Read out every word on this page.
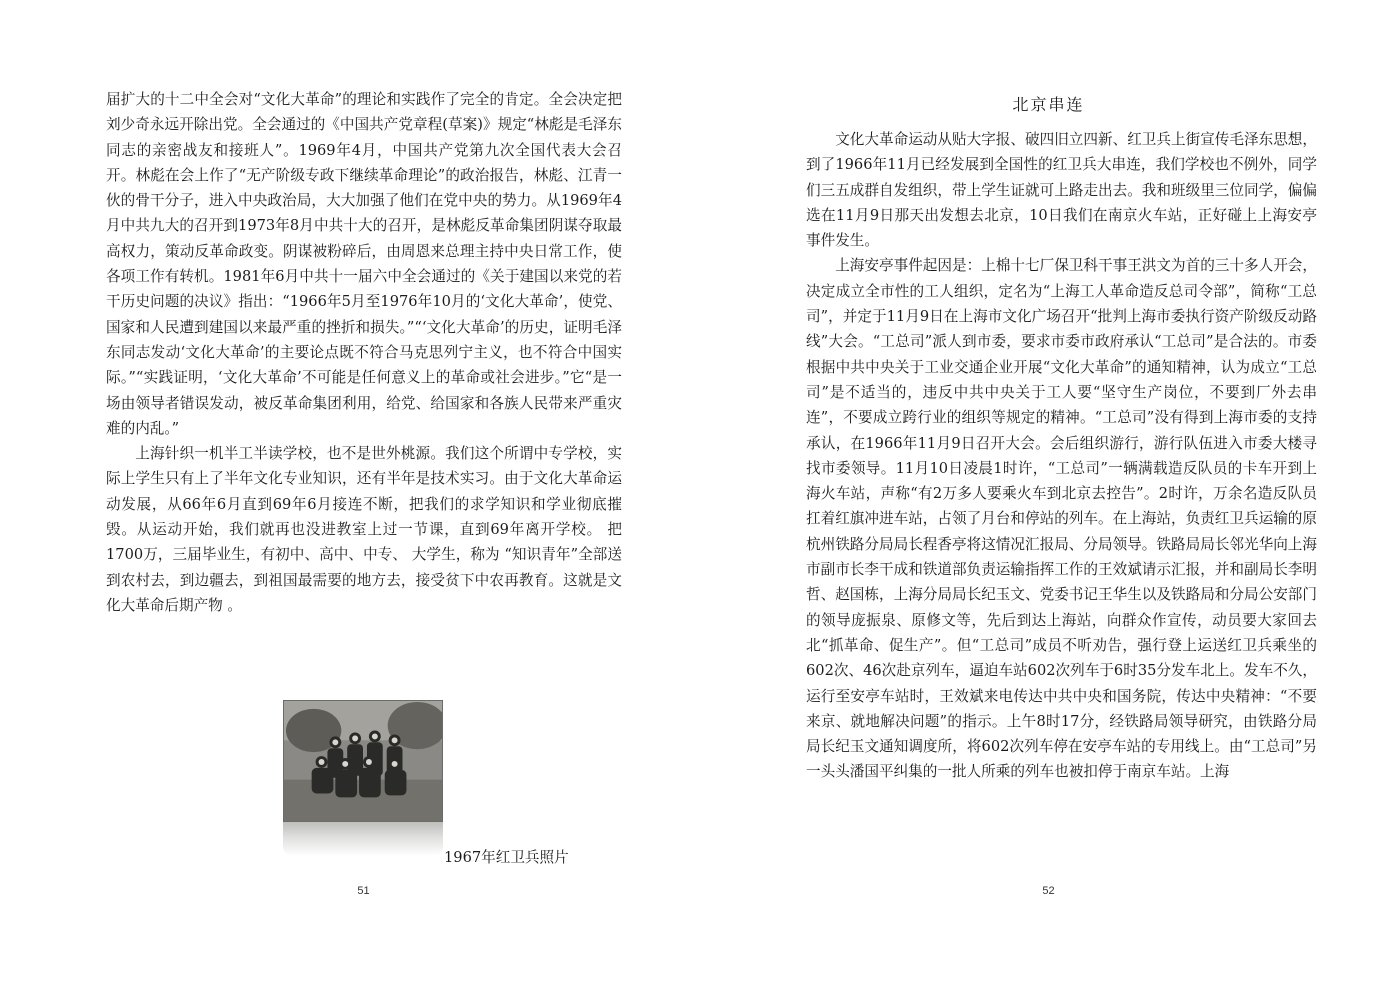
届扩大的十二中全会对“文化大革命”的理论和实践作了完全的肯定。全会决定把刘少奇永远开除出党。全会通过的《中国共产党章程(草案)》规定“林彪是毛泽东同志的亲密战友和接班人”。1969年4月，中国共产党第九次全国代表大会召开。林彪在会上作了“无产阶级专政下继续革命理论”的政治报告，林彪、江青一伙的骨干分子，进入中央政治局，大大加强了他们在党中央的势力。从1969年4月中共九大的召开到1973年8月中共十大的召开，是林彪反革命集团阴谋夺取最高权力，策动反革命政变。阴谋被粉碎后，由周恩来总理主持中央日常工作，使各项工作有转机。1981年6月中共十一届六中全会通过的《关于建国以来党的若干历史问题的决议》指出：“1966年5月至1976年10月的‘文化大革命’，使党、国家和人民遭到建国以来最严重的挫折和损失。”“‘文化大革命’的历史，证明毛泽东同志发动‘文化大革命’的主要论点既不符合马克思列宁主义，也不符合中国实际。”“实践证明，‘文化大革命’不可能是任何意义上的革命或社会进步。”它“是一场由领导者错误发动，被反革命集团利用，给党、给国家和各族人民带来严重灾难的内乱。”

上海针织一机半工半读学校，也不是世外桃源。我们这个所谓中专学校，实际上学生只有上了半年文化专业知识，还有半年是技术实习。由于文化大革命运动发展，从66年6月直到69年6月接连不断，把我们的求学知识和学业彻底摧毁。从运动开始，我们就再也没进教室上过一节课，直到69年离开学校。 把1700万，三届毕业生，有初中、高中、中专、 大学生，称为 “知识青年”全部送到农村去，到边疆去，到祖国最需要的地方去，接受贫下中农再教育。这就是文化大革命后期产物 。

1967年红卫兵照片
51
北京串连

文化大革命运动从贴大字报、破四旧立四新、红卫兵上街宣传毛泽东思想，到了1966年11月已经发展到全国性的红卫兵大串连，我们学校也不例外，同学们三五成群自发组织，带上学生证就可上路走出去。我和班级里三位同学，偏偏选在11月9日那天出发想去北京，10日我们在南京火车站，正好碰上上海安亭事件发生。

上海安亭事件起因是：上棉十七厂保卫科干事王洪文为首的三十多人开会，决定成立全市性的工人组织，定名为“上海工人革命造反总司令部”，简称“工总司”，并定于11月9日在上海市文化广场召开“批判上海市委执行资产阶级反动路线”大会。“工总司”派人到市委，要求市委市政府承认“工总司”是合法的。市委根据中共中央关于工业交通企业开展“文化大革命”的通知精神，认为成立“工总司”是不适当的，违反中共中央关于工人要“坚守生产岗位，不要到厂外去串连”，不要成立跨行业的组织等规定的精神。“工总司”没有得到上海市委的支持承认，在1966年11月9日召开大会。会后组织游行，游行队伍进入市委大楼寻找市委领导。11月10日凌晨1时许，“工总司”一辆满载造反队员的卡车开到上海火车站，声称“有2万多人要乘火车到北京去控告”。2时许，万余名造反队员扛着红旗冲进车站，占领了月台和停站的列车。在上海站，负责红卫兵运输的原杭州铁路分局局长程香亭将这情况汇报局、分局领导。铁路局局长邻光华向上海市副市长李干成和铁道部负责运输指挥工作的王效斌请示汇报，并和副局长李明哲、赵国栋，上海分局局长纪玉文、党委书记王华生以及铁路局和分局公安部门的领导庞振泉、原修文等，先后到达上海站，向群众作宣传，动员要大家回去北“抓革命、促生产”。但“工总司”成员不听劝告，强行登上运送红卫兵乘坐的602次、46次赴京列车，逼迫车站602次列车于6时35分发车北上。发车不久，运行至安亭车站时，王效斌来电传达中共中央和国务院，传达中央精神：“不要来京、就地解决问题”的指示。上午8时17分，经铁路局领导研究，由铁路分局局长纪玉文通知调度所，将602次列车停在安亭车站的专用线上。由“工总司”另一头头潘国平纠集的一批人所乘的列车也被扣停于南京车站。上海

52
